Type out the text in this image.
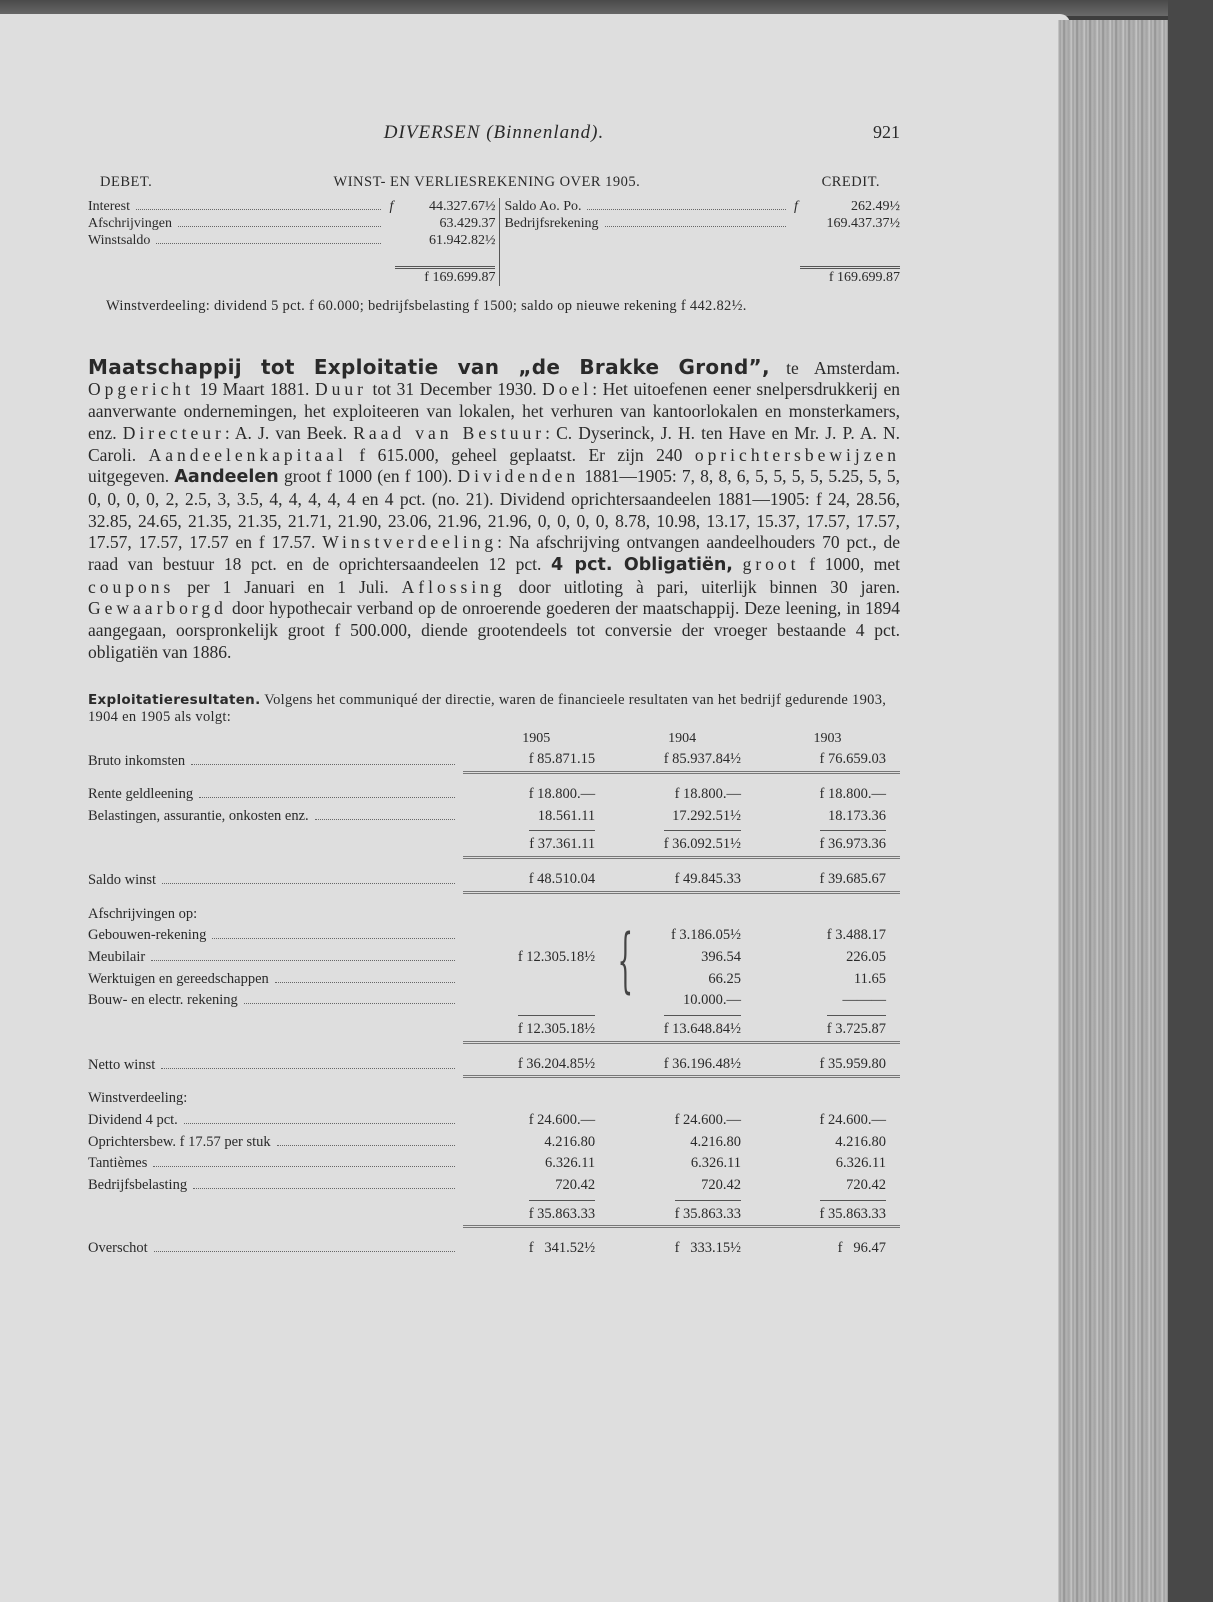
DIVERSEN (Binnenland).	921
DEBET.	WINST- EN VERLIESREKENING OVER 1905.	CREDIT.
Interest	f	44.327.67½
Afschrijvingen	63.429.37
Winstsaldo	61.942.82½
f 169.699.87
Saldo Ao. Po.	f	262.49½
Bedrijfsrekening	169.437.37½
f 169.699.87
Winstverdeeling: dividend 5 pct. f 60.000; bedrijfsbelasting f 1500; saldo op nieuwe rekening f 442.82½.
Maatschappij tot Exploitatie van „de Brakke Grond”, te Amsterdam. Opgericht 19 Maart 1881. Duur tot 31 December 1930. Doel: Het uitoefenen eener snelpersdrukkerij en aanverwante ondernemingen, het exploiteeren van lokalen, het verhuren van kantoorlokalen en monsterkamers, enz. Directeur: A. J. van Beek. Raad van Bestuur: C. Dyserinck, J. H. ten Have en Mr. J. P. A. N. Caroli. Aandeelenkapitaal f 615.000, geheel geplaatst. Er zijn 240 oprichtersbewijzen uitgegeven. Aandeelen groot f 1000 (en f 100). Dividenden 1881—1905: 7, 8, 8, 6, 5, 5, 5, 5, 5.25, 5, 5, 0, 0, 0, 0, 2, 2.5, 3, 3.5, 4, 4, 4, 4, 4 en 4 pct. (no. 21). Dividend oprichtersaandeelen 1881—1905: f 24, 28.56, 32.85, 24.65, 21.35, 21.35, 21.71, 21.90, 23.06, 21.96, 21.96, 0, 0, 0, 0, 8.78, 10.98, 13.17, 15.37, 17.57, 17.57, 17.57, 17.57, 17.57 en f 17.57. Winstverdeeling: Na afschrijving ontvangen aandeelhouders 70 pct., de raad van bestuur 18 pct. en de oprichtersaandeelen 12 pct. 4 pct. Obligatiën, groot f 1000, met coupons per 1 Januari en 1 Juli. Aflossing door uitloting à pari, uiterlijk binnen 30 jaren. Gewaarborgd door hypothecair verband op de onroerende goederen der maatschappij. Deze leening, in 1894 aangegaan, oorspronkelijk groot f 500.000, diende grootendeels tot conversie der vroeger bestaande 4 pct. obligatiën van 1886.
Exploitatieresultaten. Volgens het communiqué der directie, waren de financieele resultaten van het bedrijf gedurende 1903, 1904 en 1905 als volgt:
	1905	1904	1903

Bruto inkomsten	f 85.871.15	f 85.937.84½	f 76.659.03

Rente geldleening	f 18.800.—	f 18.800.—	f 18.800.—

Belastingen, assurantie, onkosten enz.	18.561.11	17.292.51½	18.173.36
	f 37.361.11	f 36.092.51½	f 36.973.36

Saldo winst	f 48.510.04	f 49.845.33	f 39.685.67

Afschrijvingen op:			

Gebouwen-rekening		{ f 3.186.05½	f 3.488.17

Meubilair	f 12.305.18½	396.54	226.05

Werktuigen en gereedschappen		66.25	11.65

Bouw- en electr. rekening		10.000.—	———
	f 12.305.18½	f 13.648.84½	f 3.725.87

Netto winst	f 36.204.85½	f 36.196.48½	f 35.959.80

Winstverdeeling:			

Dividend 4 pct.	f 24.600.—	f 24.600.—	f 24.600.—

Oprichtersbew. f 17.57 per stuk	4.216.80	4.216.80	4.216.80

Tantièmes	6.326.11	6.326.11	6.326.11

Bedrijfsbelasting	720.42	720.42	720.42
	f 35.863.33	f 35.863.33	f 35.863.33

Overschot	f   341.52½	f   333.15½	f   96.47
